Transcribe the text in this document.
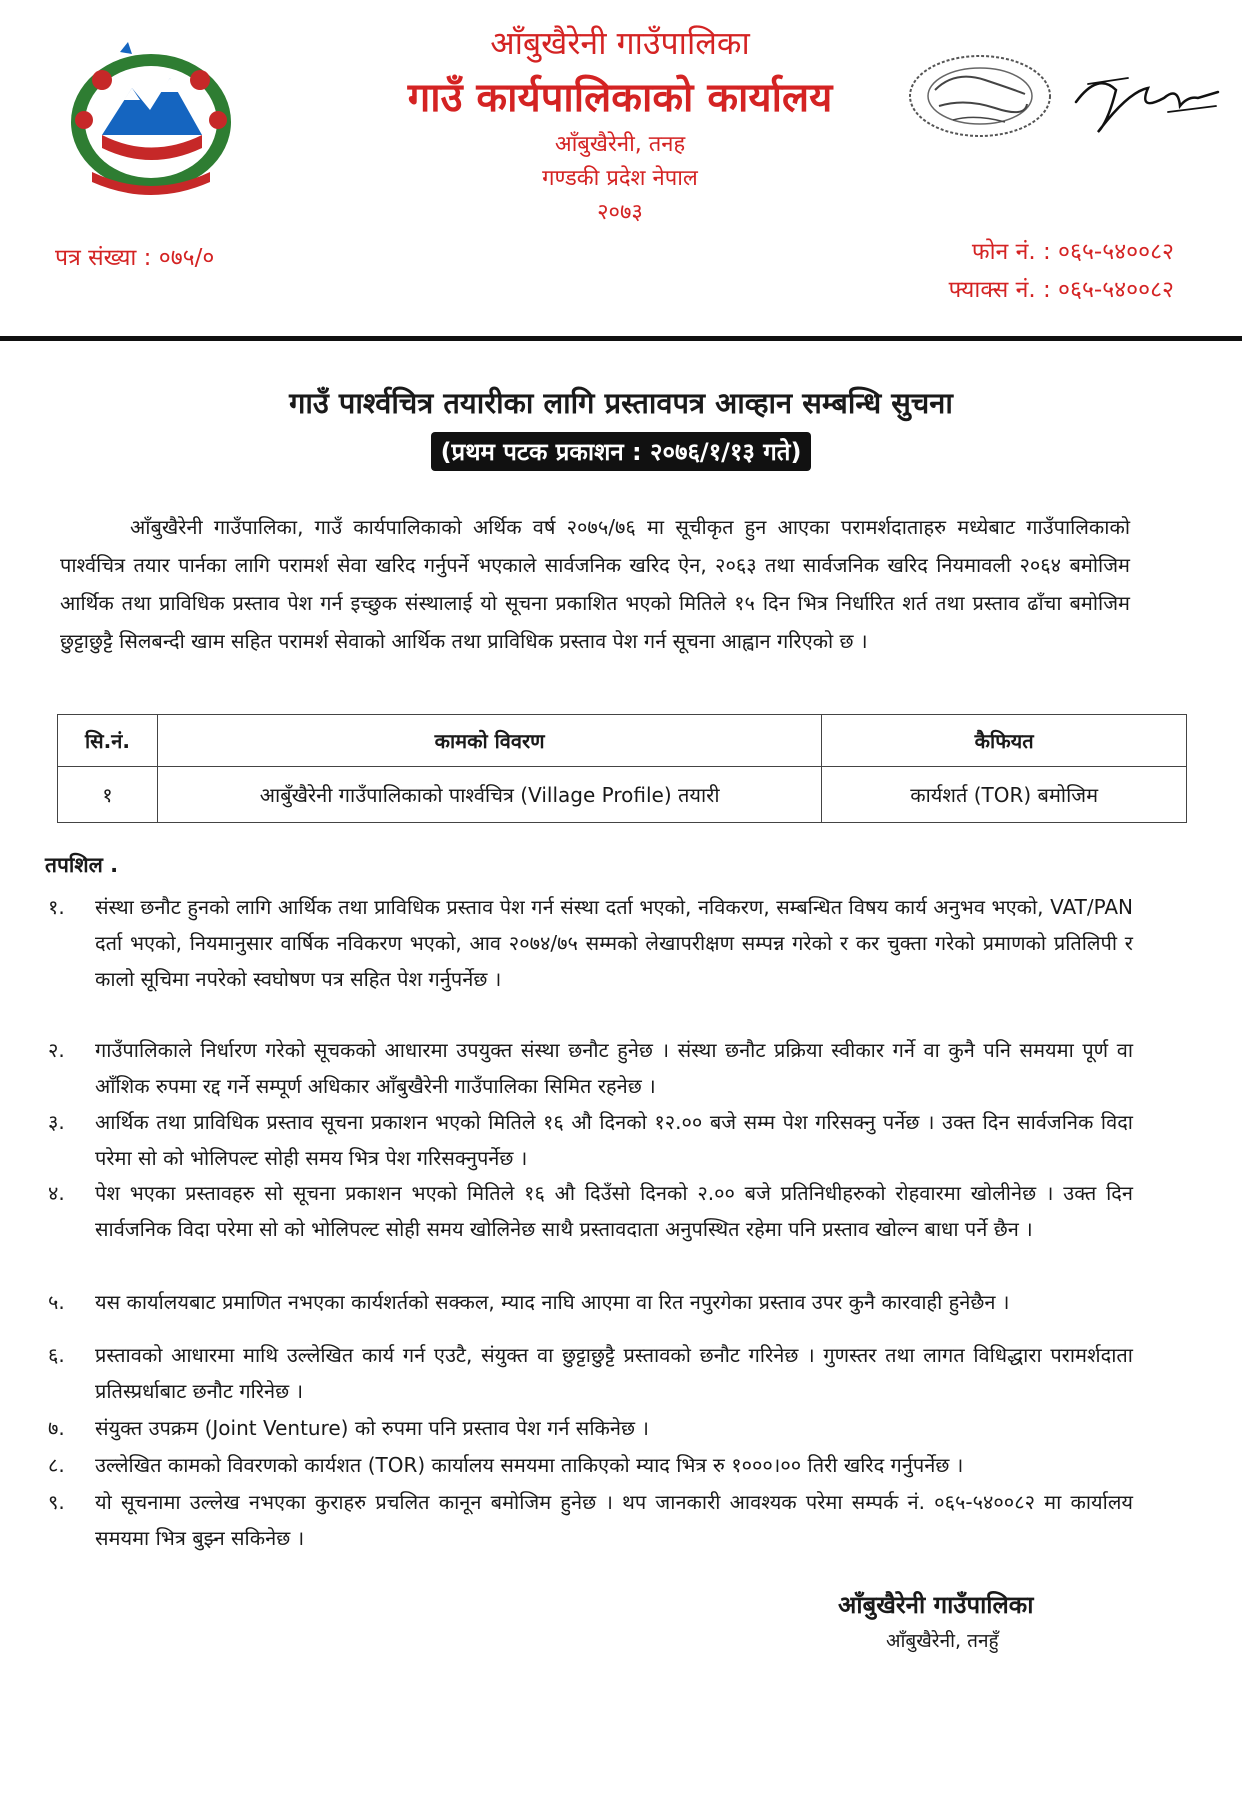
आँबुखैरेनी गाउँपालिका
गाउँ कार्यपालिकाको कार्यालय
आँबुखैरेनी, तनह
गण्डकी प्रदेश नेपाल
२०७३
पत्र संख्या : ०७५/०	फोन नं. : ०६५-५४००८२
फ्याक्स नं. : ०६५-५४००८२
गाउँ पार्श्वचित्र तयारीका लागि प्रस्तावपत्र आव्हान सम्बन्धि सुचना
(प्रथम पटक प्रकाशन : २०७६/१/१३ गते)

आँबुखैरेनी गाउँपालिका, गाउँ कार्यपालिकाको अर्थिक वर्ष २०७५/७६ मा सूचीकृत हुन आएका परामर्शदाताहरु मध्येबाट गाउँपालिकाको पार्श्वचित्र तयार पार्नका लागि परामर्श सेवा खरिद गर्नुपर्ने भएकाले सार्वजनिक खरिद ऐन, २०६३ तथा सार्वजनिक खरिद नियमावली २०६४ बमोजिम आर्थिक तथा प्राविधिक प्रस्ताव पेश गर्न इच्छुक संस्थालाई यो सूचना प्रकाशित भएको मितिले १५ दिन भित्र निर्धारित शर्त तथा प्रस्ताव ढाँचा बमोजिम छुट्टाछुट्टै सिलबन्दी खाम सहित परामर्श सेवाको आर्थिक तथा प्राविधिक प्रस्ताव पेश गर्न सूचना आह्वान गरिएको छ ।

सि.नं.	कामको विवरण	कैफियत
१	आबुँखैरेनी गाउँपालिकाको पार्श्वचित्र (Village Profile) तयारी	कार्यशर्त (TOR) बमोजिम
तपशिल .
१.	संस्था छनौट हुनको लागि आर्थिक तथा प्राविधिक प्रस्ताव पेश गर्न संस्था दर्ता भएको, नविकरण, सम्बन्धित विषय कार्य अनुभव भएको, VAT/PAN दर्ता भएको, नियमानुसार वार्षिक नविकरण भएको, आव २०७४/७५ सम्मको लेखापरीक्षण सम्पन्न गरेको र कर चुक्ता गरेको प्रमाणको प्रतिलिपी र कालो सूचिमा नपरेको स्वघोषण पत्र सहित पेश गर्नुपर्नेछ ।
२.	गाउँपालिकाले निर्धारण गरेको सूचकको आधारमा उपयुक्त संस्था छनौट हुनेछ । संस्था छनौट प्रक्रिया स्वीकार गर्ने वा कुनै पनि समयमा पूर्ण वा आँशिक रुपमा रद्द गर्ने सम्पूर्ण अधिकार आँबुखैरेनी गाउँपालिका सिमित रहनेछ ।
३.	आर्थिक तथा प्राविधिक प्रस्ताव सूचना प्रकाशन भएको मितिले १६ औ दिनको १२.०० बजे सम्म पेश गरिसक्नु पर्नेछ । उक्त दिन सार्वजनिक विदा परेमा सो को भोलिपल्ट सोही समय भित्र पेश गरिसक्नुपर्नेछ ।
४.	पेश भएका प्रस्तावहरु सो सूचना प्रकाशन भएको मितिले १६ औ दिउँसो दिनको २.०० बजे प्रतिनिधीहरुको रोहवारमा खोलीनेछ । उक्त दिन सार्वजनिक विदा परेमा सो को भोलिपल्ट सोही समय खोलिनेछ साथै प्रस्तावदाता अनुपस्थित रहेमा पनि प्रस्ताव खोल्न बाधा पर्ने छैन ।
५.	यस कार्यालयबाट प्रमाणित नभएका कार्यशर्तको सक्कल, म्याद नाघि आएमा वा रित नपुरगेका प्रस्ताव उपर कुनै कारवाही हुनेछैन ।
६.	प्रस्तावको आधारमा माथि उल्लेखित कार्य गर्न एउटै, संयुक्त वा छुट्टाछुट्टै प्रस्तावको छनौट गरिनेछ । गुणस्तर तथा लागत विधिद्धारा परामर्शदाता प्रतिस्प्रर्धाबाट छनौट गरिनेछ ।
७.	संयुक्त उपक्रम (Joint Venture) को रुपमा पनि प्रस्ताव पेश गर्न सकिनेछ ।
८.	उल्लेखित कामको विवरणको कार्यशत (TOR) कार्यालय समयमा ताकिएको म्याद भित्र रु १०००।०० तिरी खरिद गर्नुपर्नेछ ।
९.	यो सूचनामा उल्लेख नभएका कुराहरु प्रचलित कानून बमोजिम हुनेछ । थप जानकारी आवश्यक परेमा सम्पर्क नं. ०६५-५४००८२ मा कार्यालय समयमा भित्र बुझ्न सकिनेछ ।
आँबुखैरेनी गाउँपालिका
आँबुखैरेनी, तनहुँ
